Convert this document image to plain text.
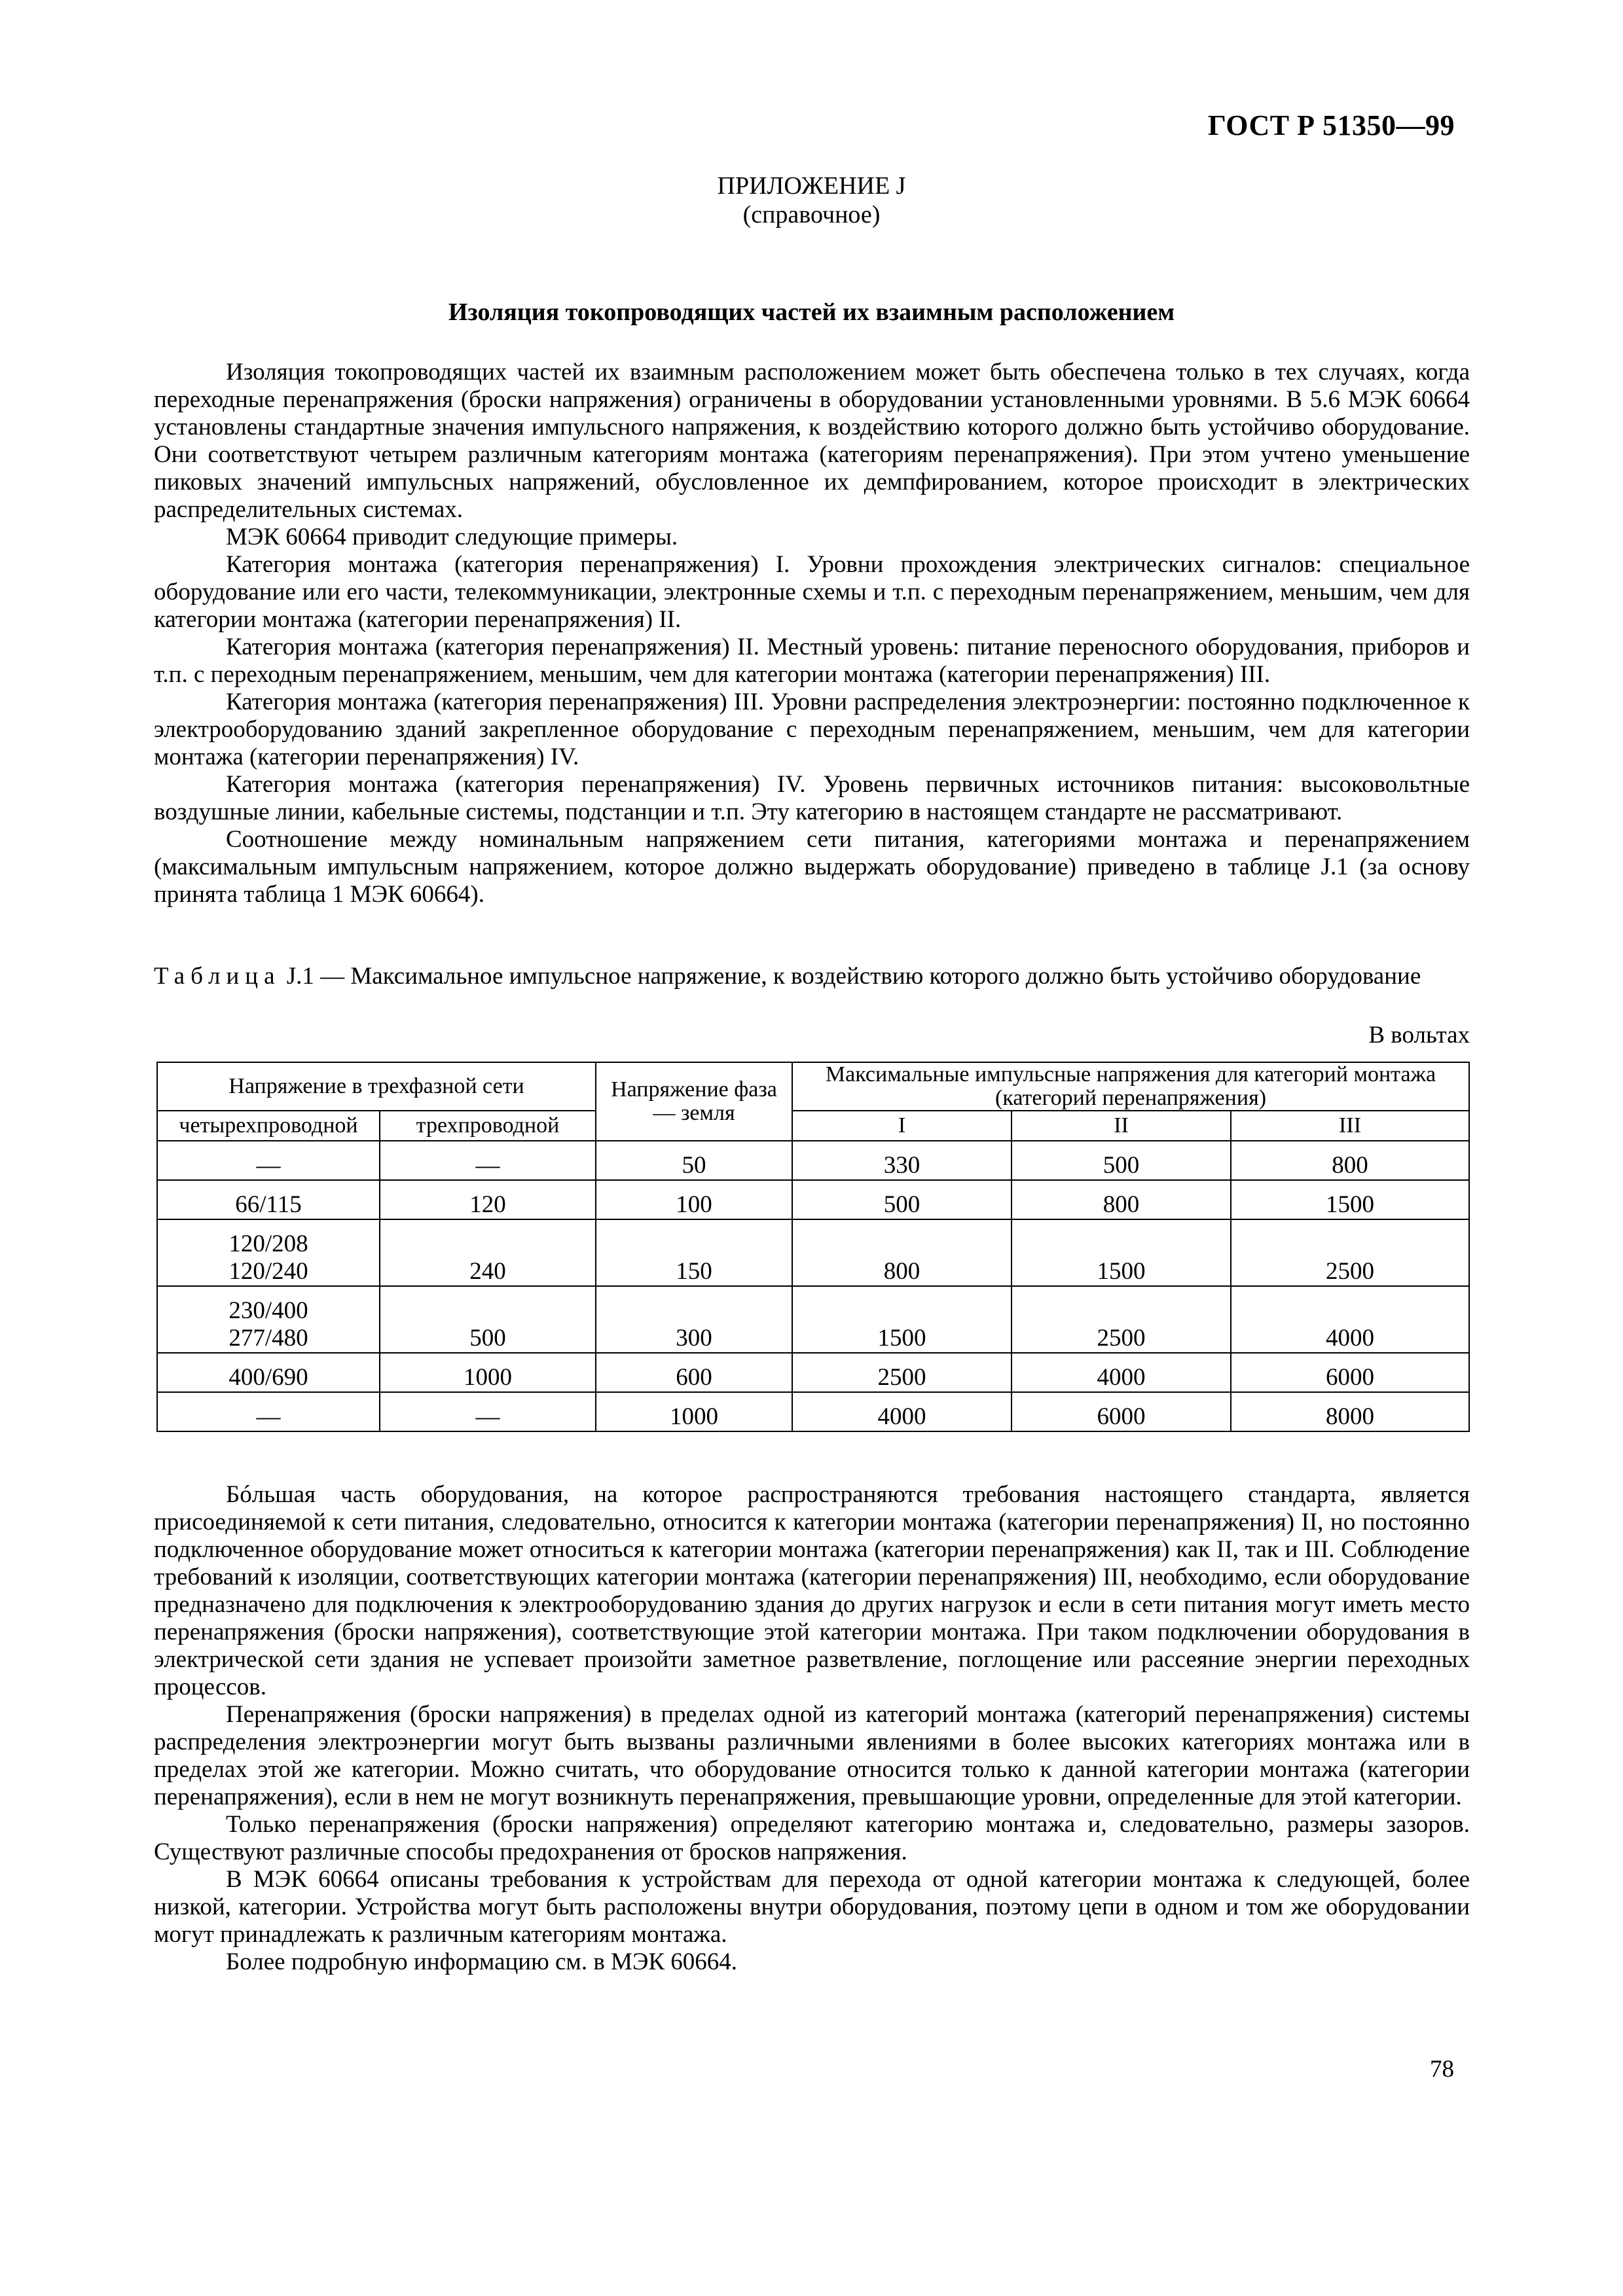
ГОСТ Р 51350—99
ПРИЛОЖЕНИЕ J
(справочное)
Изоляция токопроводящих частей их взаимным расположением

Изоляция токопроводящих частей их взаимным расположением может быть обеспечена только в тех случаях, когда переходные перенапряжения (броски напряжения) ограничены в оборудовании установленными уровнями. В 5.6 МЭК 60664 установлены стандартные значения импульсного напряжения, к воздействию которого должно быть устойчиво оборудование. Они соответствуют четырем различным категориям монтажа (категориям перенапряжения). При этом учтено уменьшение пиковых значений импульсных напряжений, обусловленное их демпфированием, которое происходит в электрических распределительных системах.

МЭК 60664 приводит следующие примеры.

Категория монтажа (категория перенапряжения) I. Уровни прохождения электрических сигналов: специальное оборудование или его части, телекоммуникации, электронные схемы и т.п. с переходным перенапряжением, меньшим, чем для категории монтажа (категории перенапряжения) II.

Категория монтажа (категория перенапряжения) II. Местный уровень: питание переносного оборудования, приборов и т.п. с переходным перенапряжением, меньшим, чем для категории монтажа (категории перенапряжения) III.

Категория монтажа (категория перенапряжения) III. Уровни распределения электроэнергии: постоянно подключенное к электрооборудованию зданий закрепленное оборудование с переходным перенапряжением, меньшим, чем для категории монтажа (категории перенапряжения) IV.

Категория монтажа (категория перенапряжения) IV. Уровень первичных источников питания: высоковольтные воздушные линии, кабельные системы, подстанции и т.п. Эту категорию в настоящем стандарте не рассматривают.

Соотношение между номинальным напряжением сети питания, категориями монтажа и перенапряжением (максимальным импульсным напряжением, которое должно выдержать оборудование) приведено в таблице J.1 (за основу принята таблица 1 МЭК 60664).

Таблица J.1 — Максимальное импульсное напряжение, к воздействию которого должно быть устойчиво оборудование
В вольтах
Напряжение в трехфазной сети		Напряжение фаза — земля	Максимальные импульсные напряжения для категорий монтажа (категорий перенапряжения)		
четырехпроводной	трехпроводной		I	II	III

—	—	50	330	500	800

66/115	120	100	500	800	1500

120/208
120/240	240	150	800	1500	2500

230/400
277/480	500	300	1500	2500	4000

400/690	1000	600	2500	4000	6000

—	—	1000	4000	6000	8000

Бóльшая часть оборудования, на которое распространяются требования настоящего стандарта, является присоединяемой к сети питания, следовательно, относится к категории монтажа (категории перенапряжения) II, но постоянно подключенное оборудование может относиться к категории монтажа (категории перенапряжения) как II, так и III. Соблюдение требований к изоляции, соответствующих категории монтажа (категории перенапряжения) III, необходимо, если оборудование предназначено для подключения к электрооборудованию здания до других нагрузок и если в сети питания могут иметь место перенапряжения (броски напряжения), соответствующие этой категории монтажа. При таком подключении оборудования в электрической сети здания не успевает произойти заметное разветвление, поглощение или рассеяние энергии переходных процессов.

Перенапряжения (броски напряжения) в пределах одной из категорий монтажа (категорий перенапряжения) системы распределения электроэнергии могут быть вызваны различными явлениями в более высоких категориях монтажа или в пределах этой же категории. Можно считать, что оборудование относится только к данной категории монтажа (категории перенапряжения), если в нем не могут возникнуть перенапряжения, превышающие уровни, определенные для этой категории.

Только перенапряжения (броски напряжения) определяют категорию монтажа и, следовательно, размеры зазоров. Существуют различные способы предохранения от бросков напряжения.

В МЭК 60664 описаны требования к устройствам для перехода от одной категории монтажа к следующей, более низкой, категории. Устройства могут быть расположены внутри оборудования, поэтому цепи в одном и том же оборудовании могут принадлежать к различным категориям монтажа.

Более подробную информацию см. в МЭК 60664.

78
